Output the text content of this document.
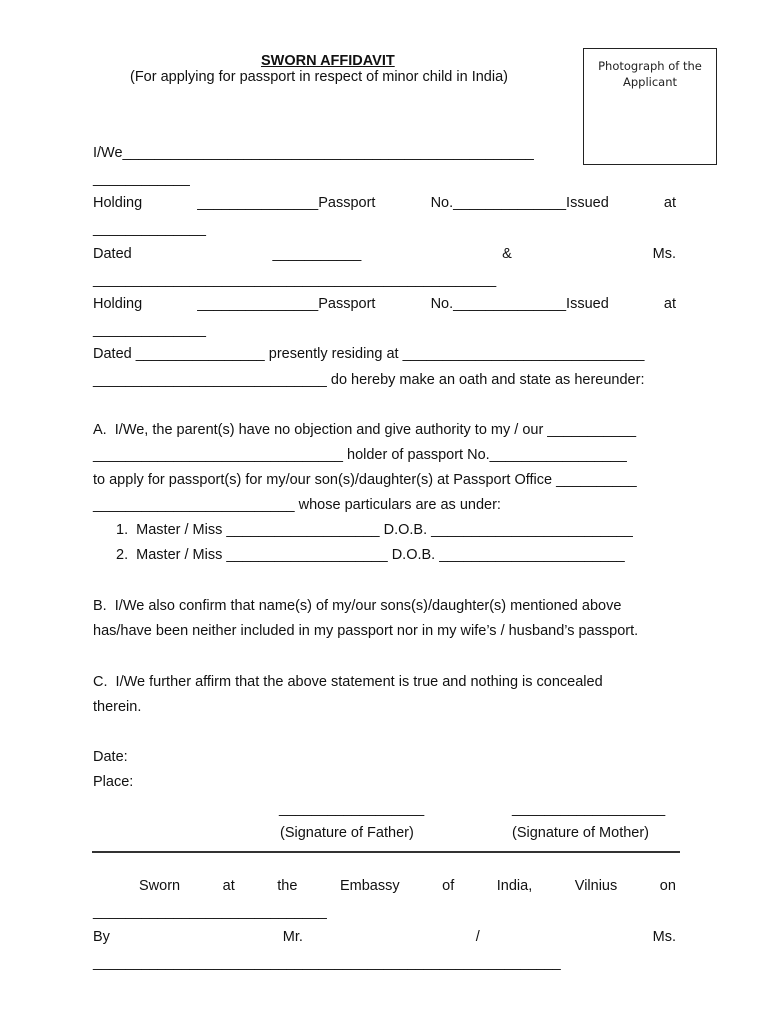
SWORN AFFIDAVIT
(For applying for passport in respect of minor child in India)
Photograph of the Applicant
I/We___________________________________________________
____________
Holding	_______________Passport	No.______________Issued	at
______________
Dated	___________	&	Ms.
__________________________________________________
Holding	_______________Passport	No.______________Issued	at
______________
Dated ________________ presently residing at ______________________________
_____________________________ do hereby make an oath and state as hereunder:
A.  I/We, the parent(s) have no objection and give authority to my / our ___________
_______________________________ holder of passport No._________________
to apply for passport(s) for my/our son(s)/daughter(s) at Passport Office __________
_________________________ whose particulars are as under:
1.  Master / Miss ___________________ D.O.B. _________________________
2.  Master / Miss ____________________ D.O.B. _______________________
B.  I/We also confirm that name(s) of my/our sons(s)/daughter(s) mentioned above
has/have been neither included in my passport nor in my wife’s / husband’s passport.
C.  I/We further affirm that the above statement is true and nothing is concealed
therein.
Date:
Place:
__________________	___________________
(Signature of Father)	(Signature of Mother)
Sworn	at	the	Embassy	of	India,	Vilnius	on
_____________________________
By	Mr.	/	Ms.
__________________________________________________________
